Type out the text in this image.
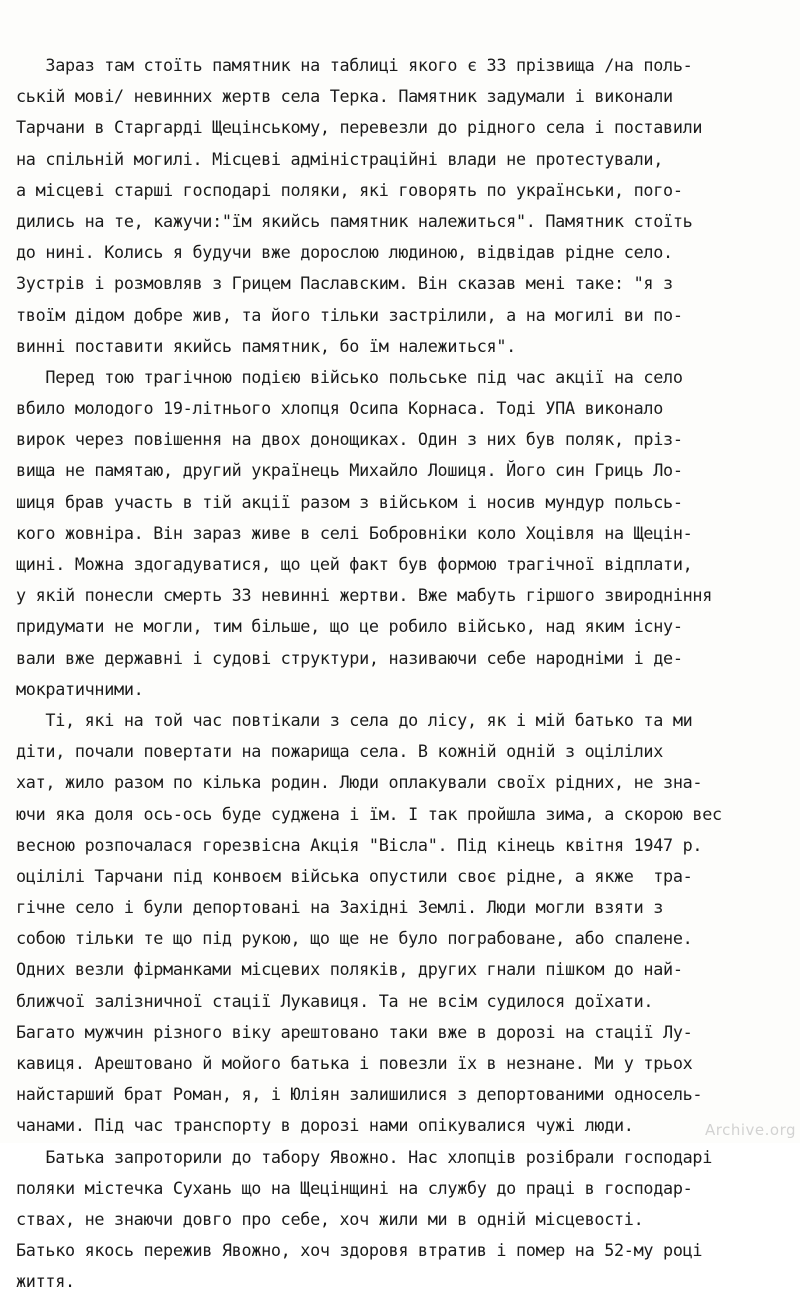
Зараз там стоїть памятник на таблиці якого є 33 прізвища /на поль-
ській мові/ невинних жертв села Терка. Памятник задумали і виконали
Тарчани в Старгарді Щецінському, перевезли до рідного села і поставили
на спільній могилі. Місцеві адміністраційні влади не протестували,
а місцеві старші господарі поляки, які говорять по українськи, пого-
дились на те, кажучи:"їм якийсь памятник належиться". Памятник стоїть
до нині. Колись я будучи вже дорослою людиною, відвідав рідне село.
Зустрів і розмовляв з Грицем Паславским. Він сказав мені таке: "я з
твоїм дідом добре жив, та його тільки застрілили, а на могилі ви по-
винні поставити якийсь памятник, бо їм належиться".
Перед тою трагічною подією військо польське під час акції на село
вбило молодого 19-літнього хлопця Осипа Корнаса. Тоді УПА виконало
вирок через повішення на двох донощиках. Один з них був поляк, пріз-
вища не памятаю, другий українець Михайло Лошиця. Його син Гриць Ло-
шиця брав участь в тій акції разом з військом і носив мундур польсь-
кого жовніра. Він зараз живе в селі Бобровніки коло Хоцівля на Щецін-
щині. Можна здогадуватися, що цей факт був формою трагічної відплати,
у якій понесли смерть 33 невинні жертви. Вже мабуть гіршого звиродніння
придумати не могли, тим більше, що це робило військо, над яким існу-
вали вже державні і судові структури, називаючи себе народніми і де-
мократичними.
Ті, які на той час повтікали з села до лісу, як і мій батько та ми
діти, почали повертати на пожарища села. В кожній одній з оцілілих
хат, жило разом по кілька родин. Люди оплакували своїх рідних, не зна-
ючи яка доля ось-ось буде суджена і їм. І так пройшла зима, а скорою вес
весною розпочалася горезвісна Акція "Вісла". Під кінець квітня 1947 р.
оцілілі Тарчани під конвоєм війська опустили своє рідне, а якже  тра-
гічне село і були депортовані на Західні Землі. Люди могли взяти з
собою тільки те що під рукою, що ще не було пограбоване, або спалене.
Одних везли фірманками місцевих поляків, других гнали пішком до най-
ближчої залізничної стації Лукавиця. Та не всім судилося доїхати.
Багато мужчин різного віку арештовано таки вже в дорозі на стації Лу-
кавиця. Арештовано й мойого батька і повезли їх в незнане. Ми у трьох
найстарший брат Роман, я, і Юліян залишилися з депортованими односель-
чанами. Під час транспорту в дорозі нами опікувалися чужі люди.
Батька запроторили до табору Явожно. Нас хлопців розібрали господарі
поляки містечка Сухань що на Щецінщині на службу до праці в господар-
ствах, не знаючи довго про себе, хоч жили ми в одній місцевості.
Батько якось пережив Явожно, хоч здоровя втратив і помер на 52-му році
життя.
Archive.org
